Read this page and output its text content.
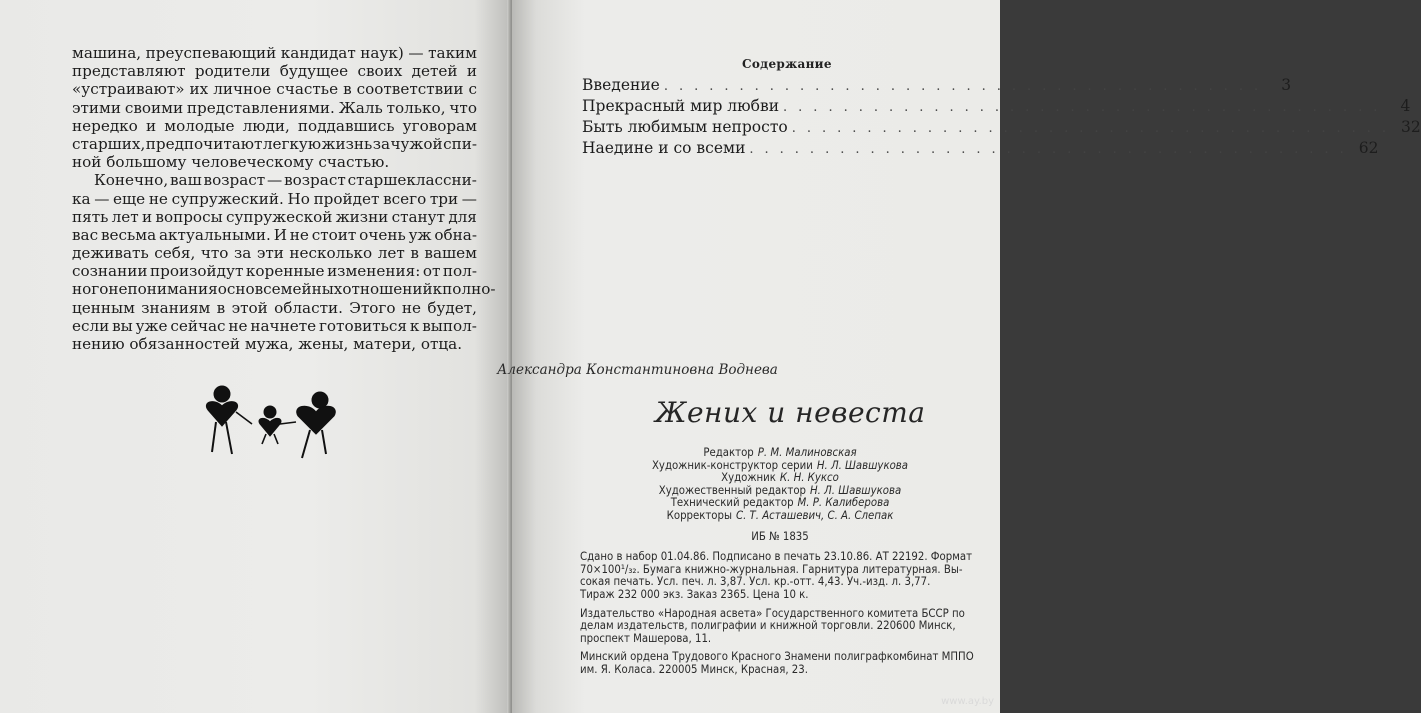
машина, преуспевающий кандидат наук) — таким
представляют родители будущее своих детей и
«устраивают» их личное счастье в соответствии с
этими своими представлениями. Жаль только, что
нередко и молодые люди, поддавшись уговорам
старших, предпочитают легкую жизнь за чужой спи-
ной большому человеческому счастью.
Конечно, ваш возраст — возраст старшеклассни-
ка — еще не супружеский. Но пройдет всего три —
пять лет и вопросы супружеской жизни станут для
вас весьма актуальными. И не стоит очень уж обна-
деживать себя, что за эти несколько лет в вашем
сознании произойдут коренные изменения: от пол-
ного непонимания основ семейных отношений к полно-
ценным знаниям в этой области. Этого не будет,
если вы уже сейчас не начнете готовиться к выпол-
нению обязанностей мужа, жены, матери, отца.
Содержание
Введение ........................................ 3
Прекрасный мир любви ........................................ 4
Быть любимым непросто ........................................ 32
Наедине и со всеми ........................................ 62
Александра Константиновна Воднева
Жених и невеста
Редактор Р. М. Малиновская
Художник-конструктор серии Н. Л. Шавшукова
Художник К. Н. Куксо
Художественный редактор Н. Л. Шавшукова
Технический редактор М. Р. Калиберова
Корректоры С. Т. Асташевич, С. А. Слепак
ИБ № 1835
Сдано в набор 01.04.86. Подписано в печать 23.10.86. АТ 22192. Формат
70×100¹/₃₂. Бумага книжно-журнальная. Гарнитура литературная. Вы-
сокая печать. Усл. печ. л. 3,87. Усл. кр.-отт. 4,43. Уч.-изд. л. 3,77.
Тираж 232 000 экз. Заказ 2365. Цена 10 к.
Издательство «Народная асвета» Государственного комитета БССР по
делам издательств, полиграфии и книжной торговли. 220600 Минск,
проспект Машерова, 11.
Минский ордена Трудового Красного Знамени полиграфкомбинат МППО
им. Я. Коласа. 220005 Минск, Красная, 23.
www.ay.by
